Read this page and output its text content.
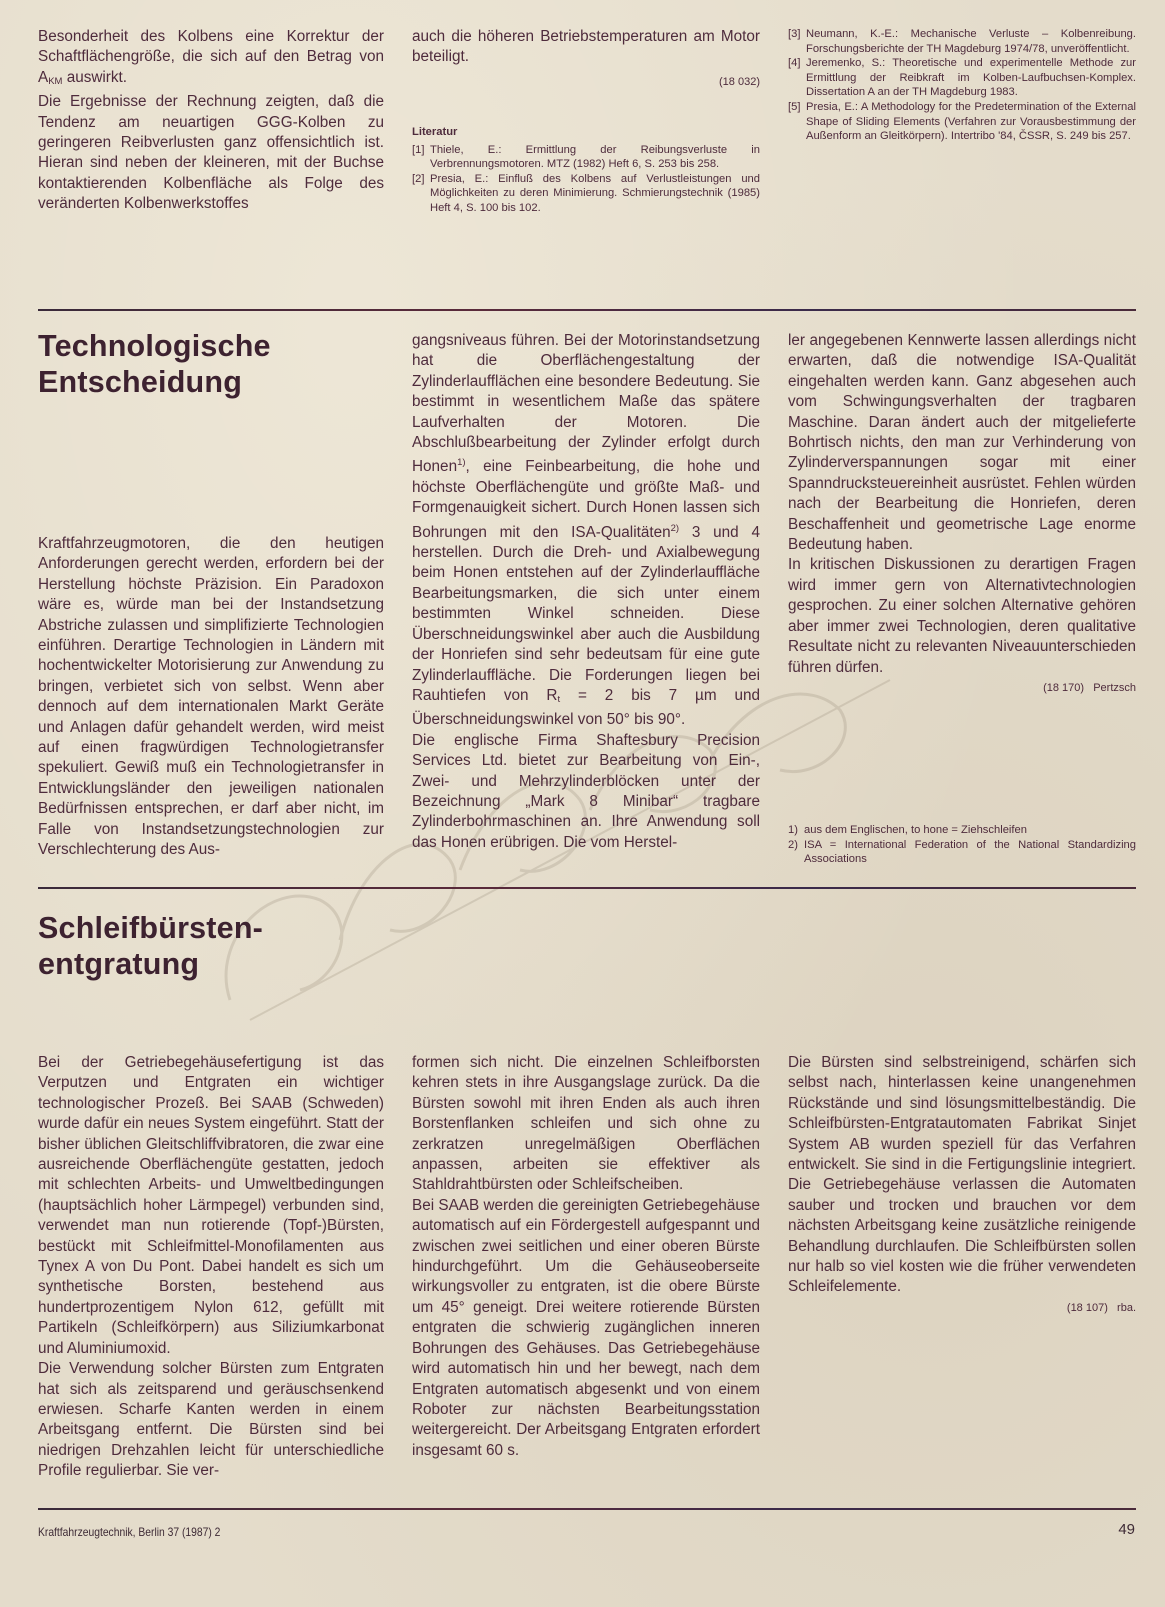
Besonderheit des Kolbens eine Korrektur der Schaftflächengröße, die sich auf den Betrag von $A_{KM}$ auswirkt.

Die Ergebnisse der Rechnung zeigten, daß die Tendenz am neuartigen GGG-Kolben zu geringeren Reibverlusten ganz offensichtlich ist. Hieran sind neben der kleineren, mit der Buchse kontaktierenden Kolbenfläche als Folge des veränderten Kolbenwerkstoffes

auch die höheren Betriebstemperaturen am Motor beteiligt.

(18 032)
Literatur
[1] Thiele, E.: Ermittlung der Reibungsverluste in Verbrennungsmotoren. MTZ (1982) Heft 6, S. 253 bis 258.
[2] Presia, E.: Einfluß des Kolbens auf Verlustleistungen und Möglichkeiten zu deren Minimierung. Schmierungstechnik (1985) Heft 4, S. 100 bis 102.
[3] Neumann, K.-E.: Mechanische Verluste – Kolbenreibung. Forschungsberichte der TH Magdeburg 1974/78, unveröffentlicht.
[4] Jeremenko, S.: Theoretische und experimentelle Methode zur Ermittlung der Reibkraft im Kolben-Laufbuchsen-Komplex. Dissertation A an der TH Magdeburg 1983.
[5] Presia, E.: A Methodology for the Predetermination of the External Shape of Sliding Elements (Verfahren zur Vorausbestimmung der Außenform an Gleitkörpern). Intertribo '84, ČSSR, S. 249 bis 257.
Technologische
Entscheidung

Kraftfahrzeugmotoren, die den heutigen Anforderungen gerecht werden, erfordern bei der Herstellung höchste Präzision. Ein Paradoxon wäre es, würde man bei der Instandsetzung Abstriche zulassen und simplifizierte Technologien einführen. Derartige Technologien in Ländern mit hochentwickelter Motorisierung zur Anwendung zu bringen, verbietet sich von selbst. Wenn aber dennoch auf dem internationalen Markt Geräte und Anlagen dafür gehandelt werden, wird meist auf einen fragwürdigen Technologietransfer spekuliert. Gewiß muß ein Technologietransfer in Entwicklungsländer den jeweiligen nationalen Bedürfnissen entsprechen, er darf aber nicht, im Falle von Instandsetzungstechnologien zur Verschlechterung des Aus-

gangsniveaus führen. Bei der Motorinstandsetzung hat die Oberflächengestaltung der Zylinderlaufflächen eine besondere Bedeutung. Sie bestimmt in wesentlichem Maße das spätere Laufverhalten der Motoren. Die Abschlußbearbeitung der Zylinder erfolgt durch Honen$^{1)}$, eine Feinbearbeitung, die hohe und höchste Oberflächengüte und größte Maß- und Formgenauigkeit sichert. Durch Honen lassen sich Bohrungen mit den ISA-Qualitäten$^{2)}$ 3 und 4 herstellen. Durch die Dreh- und Axialbewegung beim Honen entstehen auf der Zylinderlauffläche Bearbeitungsmarken, die sich unter einem bestimmten Winkel schneiden. Diese Überschneidungswinkel aber auch die Ausbildung der Honriefen sind sehr bedeutsam für eine gute Zylinderlauffläche. Die Forderungen liegen bei Rauhtiefen von $R_t = 2$ bis 7 µm und Überschneidungswinkel von 50° bis 90°.

Die englische Firma Shaftesbury Precision Services Ltd. bietet zur Bearbeitung von Ein-, Zwei- und Mehrzylinderblöcken unter der Bezeichnung „Mark 8 Minibar“ tragbare Zylinderbohrmaschinen an. Ihre Anwendung soll das Honen erübrigen. Die vom Herstel-

ler angegebenen Kennwerte lassen allerdings nicht erwarten, daß die notwendige ISA-Qualität eingehalten werden kann. Ganz abgesehen auch vom Schwingungsverhalten der tragbaren Maschine. Daran ändert auch der mitgelieferte Bohrtisch nichts, den man zur Verhinderung von Zylinderverspannungen sogar mit einer Spanndrucksteuereinheit ausrüstet. Fehlen würden nach der Bearbeitung die Honriefen, deren Beschaffenheit und geometrische Lage enorme Bedeutung haben.

In kritischen Diskussionen zu derartigen Fragen wird immer gern von Alternativtechnologien gesprochen. Zu einer solchen Alternative gehören aber immer zwei Technologien, deren qualitative Resultate nicht zu relevanten Niveauunterschieden führen dürfen.

(18 170)   Pertzsch
1) aus dem Englischen, to hone = Ziehschleifen
2) ISA = International Federation of the National Standardizing Associations
Schleifbürsten-
entgratung

Bei der Getriebegehäusefertigung ist das Verputzen und Entgraten ein wichtiger technologischer Prozeß. Bei SAAB (Schweden) wurde dafür ein neues System eingeführt. Statt der bisher üblichen Gleitschliffvibratoren, die zwar eine ausreichende Oberflächengüte gestatten, jedoch mit schlechten Arbeits- und Umweltbedingungen (hauptsächlich hoher Lärmpegel) verbunden sind, verwendet man nun rotierende (Topf-)Bürsten, bestückt mit Schleifmittel-Monofilamenten aus Tynex A von Du Pont. Dabei handelt es sich um synthetische Borsten, bestehend aus hundertprozentigem Nylon 612, gefüllt mit Partikeln (Schleifkörpern) aus Siliziumkarbonat und Aluminiumoxid.

Die Verwendung solcher Bürsten zum Entgraten hat sich als zeitsparend und geräuschsenkend erwiesen. Scharfe Kanten werden in einem Arbeitsgang entfernt. Die Bürsten sind bei niedrigen Drehzahlen leicht für unterschiedliche Profile regulierbar. Sie ver-

formen sich nicht. Die einzelnen Schleifborsten kehren stets in ihre Ausgangslage zurück. Da die Bürsten sowohl mit ihren Enden als auch ihren Borstenflanken schleifen und sich ohne zu zerkratzen unregelmäßigen Oberflächen anpassen, arbeiten sie effektiver als Stahldrahtbürsten oder Schleifscheiben.

Bei SAAB werden die gereinigten Getriebegehäuse automatisch auf ein Fördergestell aufgespannt und zwischen zwei seitlichen und einer oberen Bürste hindurchgeführt. Um die Gehäuseoberseite wirkungsvoller zu entgraten, ist die obere Bürste um 45° geneigt. Drei weitere rotierende Bürsten entgraten die schwierig zugänglichen inneren Bohrungen des Gehäuses. Das Getriebegehäuse wird automatisch hin und her bewegt, nach dem Entgraten automatisch abgesenkt und von einem Roboter zur nächsten Bearbeitungsstation weitergereicht. Der Arbeitsgang Entgraten erfordert insgesamt 60 s.

Die Bürsten sind selbstreinigend, schärfen sich selbst nach, hinterlassen keine unangenehmen Rückstände und sind lösungsmittelbeständig. Die Schleifbürsten-Entgratautomaten Fabrikat Sinjet System AB wurden speziell für das Verfahren entwickelt. Sie sind in die Fertigungslinie integriert. Die Getriebegehäuse verlassen die Automaten sauber und trocken und brauchen vor dem nächsten Arbeitsgang keine zusätzliche reinigende Behandlung durchlaufen. Die Schleifbürsten sollen nur halb so viel kosten wie die früher verwendeten Schleifelemente.

(18 107)   rba.
Kraftfahrzeugtechnik, Berlin 37 (1987) 2	49
